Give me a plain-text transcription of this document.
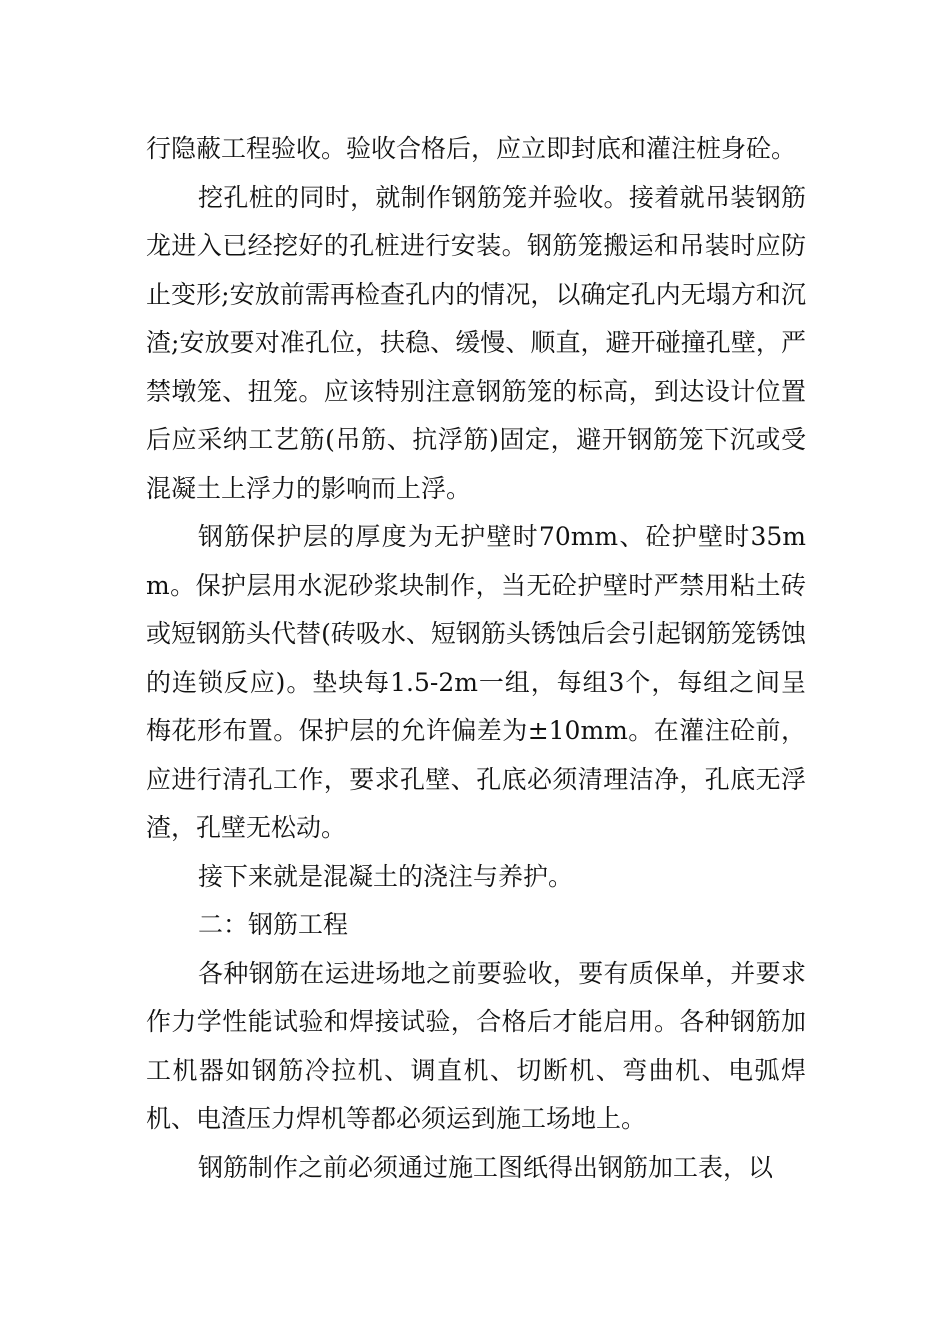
行隐蔽工程验收。验收合格后，应立即封底和灌注桩身砼。

挖孔桩的同时，就制作钢筋笼并验收。接着就吊装钢筋龙进入已经挖好的孔桩进行安装。钢筋笼搬运和吊装时应防止变形;安放前需再检查孔内的情况，以确定孔内无塌方和沉渣;安放要对准孔位，扶稳、缓慢、顺直，避开碰撞孔壁，严禁墩笼、扭笼。应该特别注意钢筋笼的标高，到达设计位置后应采纳工艺筋(吊筋、抗浮筋)固定，避开钢筋笼下沉或受混凝土上浮力的影响而上浮。

钢筋保护层的厚度为无护壁时70mm、砼护壁时35mm。保护层用水泥砂浆块制作，当无砼护壁时严禁用粘土砖或短钢筋头代替(砖吸水、短钢筋头锈蚀后会引起钢筋笼锈蚀的连锁反应)。垫块每1.5-2m一组，每组3个，每组之间呈梅花形布置。保护层的允许偏差为±10mm。在灌注砼前，应进行清孔工作，要求孔壁、孔底必须清理洁净，孔底无浮渣，孔壁无松动。

接下来就是混凝土的浇注与养护。

二：钢筋工程

各种钢筋在运进场地之前要验收，要有质保单，并要求作力学性能试验和焊接试验，合格后才能启用。各种钢筋加工机器如钢筋冷拉机、调直机、切断机、弯曲机、电弧焊机、电渣压力焊机等都必须运到施工场地上。

钢筋制作之前必须通过施工图纸得出钢筋加工表，以
